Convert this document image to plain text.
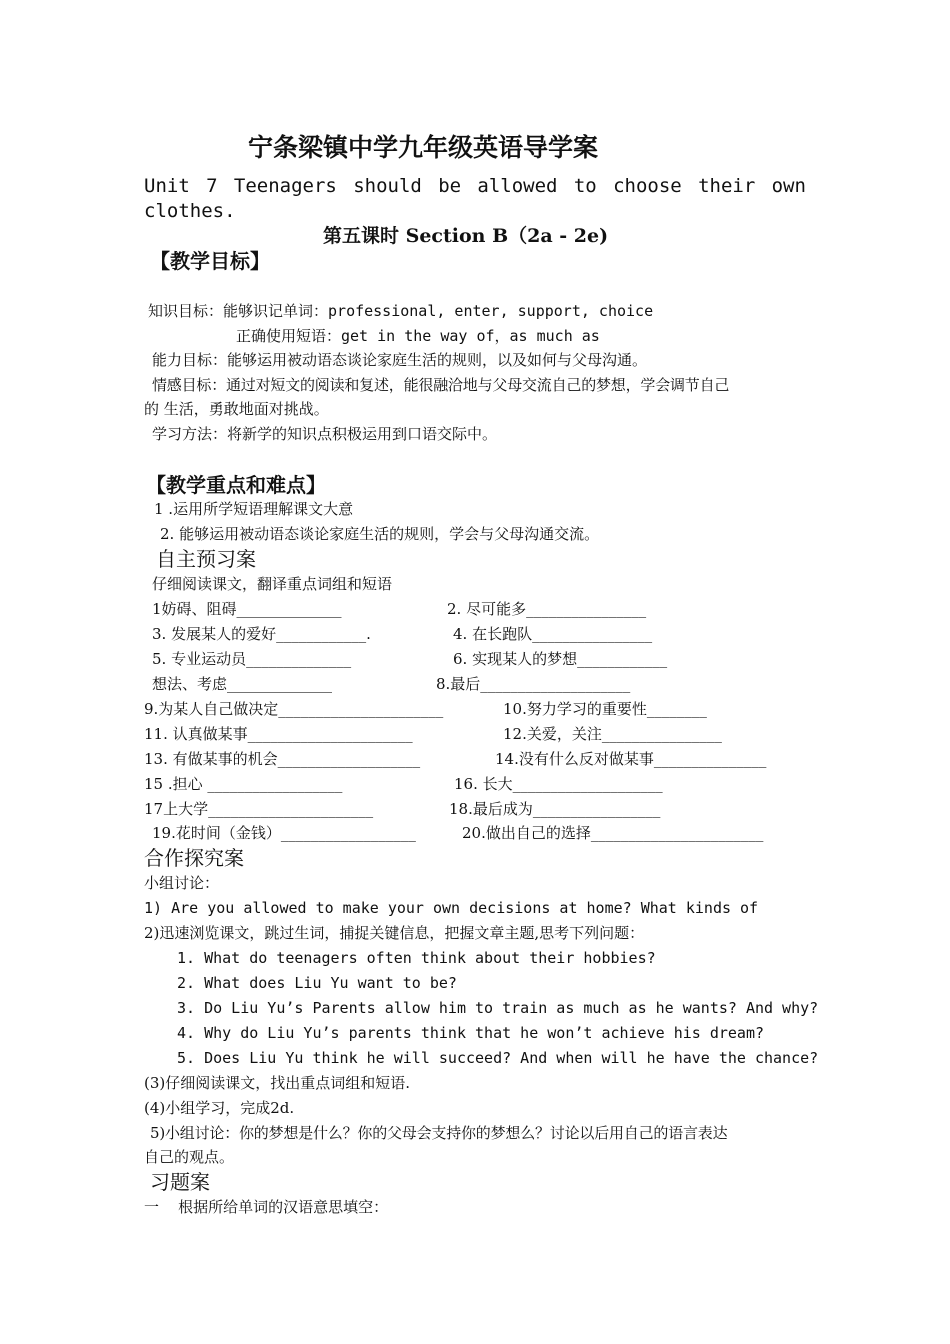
宁条梁镇中学九年级英语导学案
Unit 7 Teenagers should be allowed to choose their own
clothes.
第五课时 Section B（2a - 2e)
【教学目标】
知识目标：能够识记单词：professional, enter, support, choice
正确使用短语：get in the way of，as much as
能力目标：能够运用被动语态谈论家庭生活的规则，以及如何与父母沟通。
情感目标：通过对短文的阅读和复述，能很融洽地与父母交流自己的梦想，学会调节自己
的 生活，勇敢地面对挑战。
学习方法：将新学的知识点积极运用到口语交际中。
【教学重点和难点】
1 .运用所学短语理解课文大意
2. 能够运用被动语态谈论家庭生活的规则，学会与父母沟通交流。
自主预习案
仔细阅读课文，翻译重点词组和短语
1妨碍、阻碍______________	2. 尽可能多________________
3. 发展某人的爱好____________.	4. 在长跑队________________
5. 专业运动员______________	6. 实现某人的梦想____________
想法、考虑______________	8.最后____________________
9.为某人自己做决定______________________	10.努力学习的重要性________
11. 认真做某事______________________	12.关爱，关注________________
13. 有做某事的机会___________________	14.没有什么反对做某事_______________
15 .担心 __________________	16. 长大____________________
17上大学______________________	18.最后成为_________________
19.花时间（金钱）__________________	20.做出自己的选择_______________________
合作探究案
小组讨论：
1) Are you allowed to make your own decisions at home? What kinds of
2)迅速浏览课文，跳过生词，捕捉关键信息，把握文章主题,思考下列问题：
1. What do teenagers often think about their hobbies?
2. What does Liu Yu want to be?
3. Do Liu Yu’s Parents allow him to train as much as he wants? And why?
4. Why do Liu Yu’s parents think that he won’t achieve his dream?
5. Does Liu Yu think he will succeed? And when will he have the chance?
(3)仔细阅读课文，找出重点词组和短语.
(4)小组学习，完成2d.
5)小组讨论：你的梦想是什么？你的父母会支持你的梦想么？讨论以后用自己的语言表达
自己的观点。
习题案
一    根据所给单词的汉语意思填空：
